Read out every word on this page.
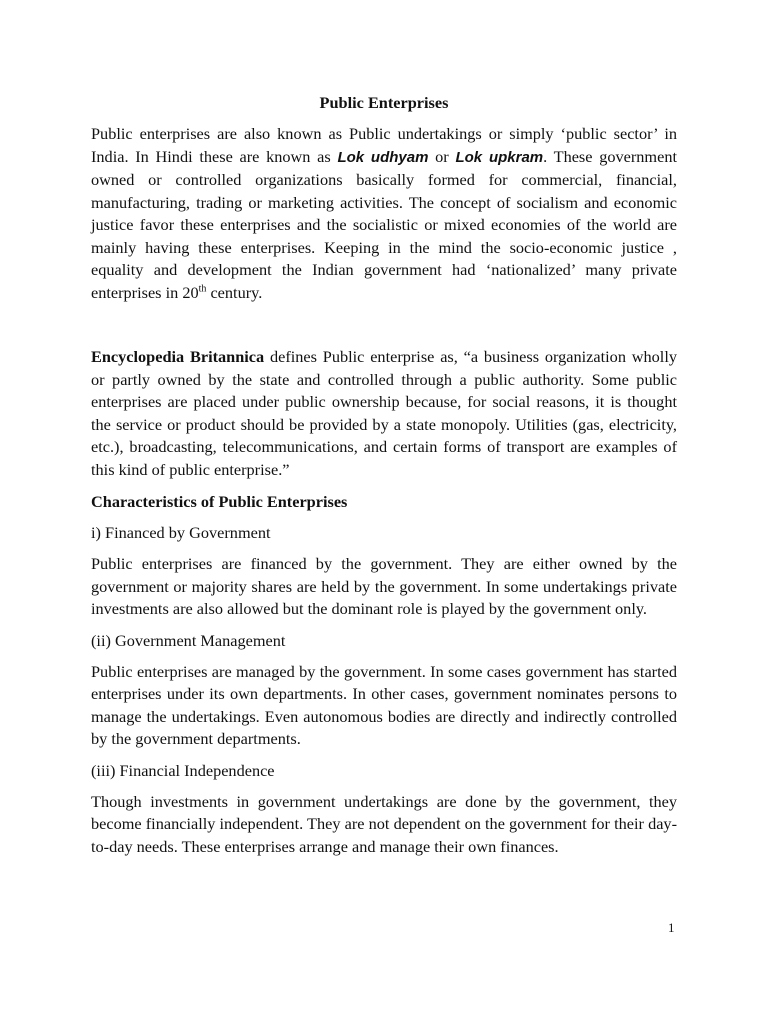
Public Enterprises

Public enterprises are also known as Public undertakings or simply ‘public sector’ in India. In Hindi these are known as Lok udhyam or Lok upkram. These government owned or controlled organizations basically formed for commercial, financial, manufacturing, trading or marketing activities. The concept of socialism and economic justice favor these enterprises and the socialistic or mixed economies of the world are mainly having these enterprises. Keeping in the mind the socio-economic justice , equality and development the Indian government had ‘nationalized’ many private enterprises in 20th century.

Encyclopedia Britannica defines Public enterprise as, “a business organization wholly or partly owned by the state and controlled through a public authority. Some public enterprises are placed under public ownership because, for social reasons, it is thought the service or product should be provided by a state monopoly. Utilities (gas, electricity, etc.), broadcasting, telecommunications, and certain forms of transport are examples of this kind of public enterprise.”

Characteristics of Public Enterprises
i) Financed by Government

Public enterprises are financed by the government. They are either owned by the government or majority shares are held by the government. In some undertakings private investments are also allowed but the dominant role is played by the government only.

(ii) Government Management

Public enterprises are managed by the government. In some cases government has started enterprises under its own departments. In other cases, government nominates persons to manage the undertakings. Even autonomous bodies are directly and indirectly controlled by the government departments.

(iii) Financial Independence

Though investments in government undertakings are done by the government, they become financially independent. They are not dependent on the government for their day- to-day needs. These enterprises arrange and manage their own finances.

1
